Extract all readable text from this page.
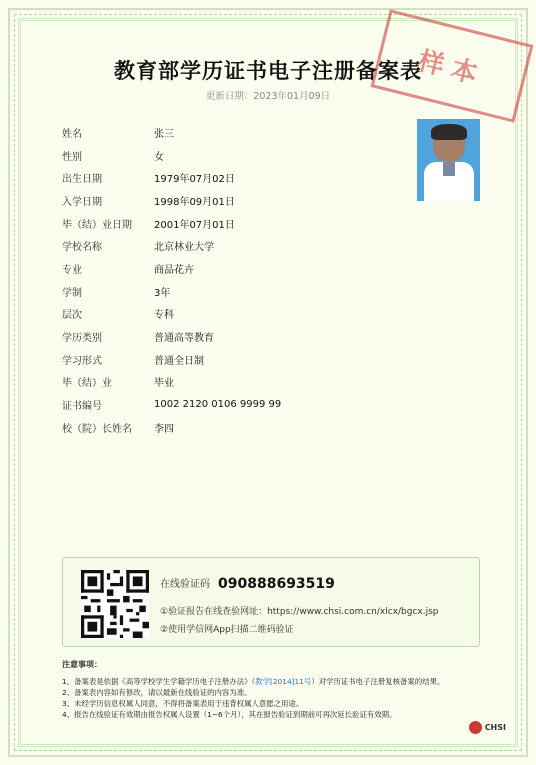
教育部学历证书电子注册备案表
更新日期：2023年01月09日
样本
姓名	张三
性别	女
出生日期	1979年07月02日
入学日期	1998年09月01日
毕（结）业日期	2001年07月01日
学校名称	北京林业大学
专业	商品花卉
学制	3年
层次	专科
学历类别	普通高等教育
学习形式	普通全日制
毕（结）业	毕业
证书编号	1002 2120 0106 9999 99
校（院）长姓名	李四
在线验证码 090888693519
①验证报告在线查验网址：https://www.chsi.com.cn/xlcx/bgcx.jsp
②使用学信网App扫描二维码验证
注意事项：
1、备案表是依据《高等学校学生学籍学历电子注册办法》（教学[2014]11号）对学历证书电子注册复核备案的结果。
2、备案表内容如有修改，请以最新在线验证的内容为准。
3、未经学历信息权属人同意，不得将备案表用于违背权属人意愿之用途。
4、报告在线验证有效期由报告权属人设置（1~6个月），其在报告验证到期前可再次延长验证有效期。
CHSI
